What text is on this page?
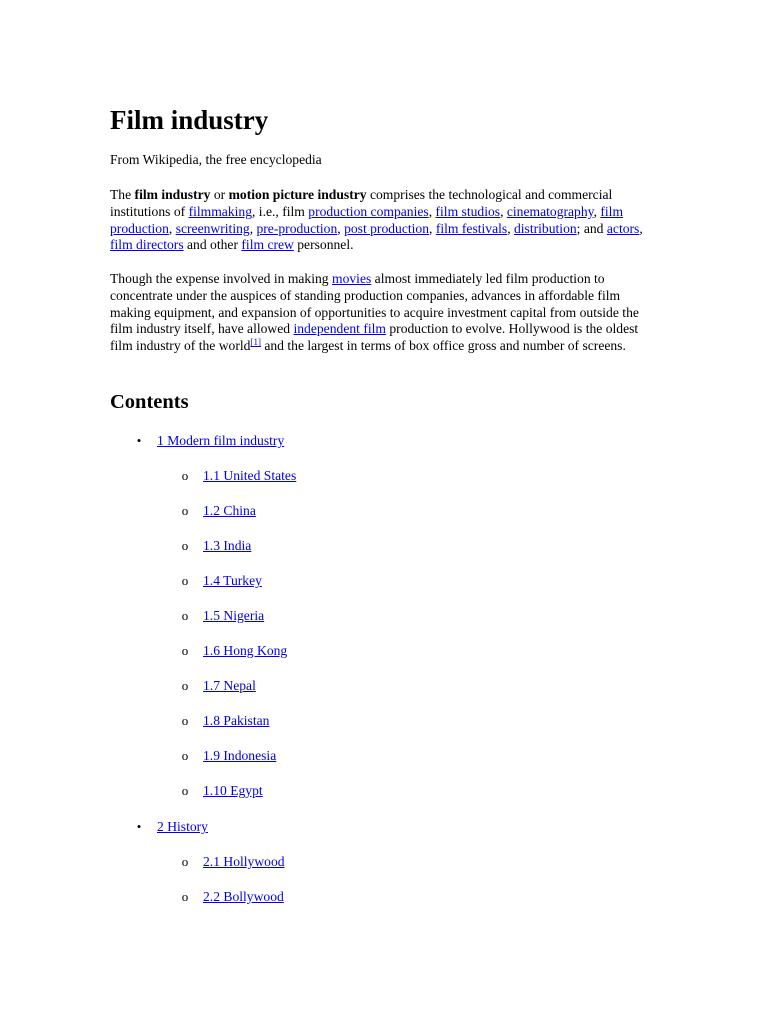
Film industry

From Wikipedia, the free encyclopedia

The film industry or motion picture industry comprises the technological and commercial institutions of filmmaking, i.e., film production companies, film studios, cinematography, film production, screenwriting, pre-production, post production, film festivals, distribution; and actors, film directors and other film crew personnel.

Though the expense involved in making movies almost immediately led film production to concentrate under the auspices of standing production companies, advances in affordable film making equipment, and expansion of opportunities to acquire investment capital from outside the film industry itself, have allowed independent film production to evolve. Hollywood is the oldest film industry of the world[1] and the largest in terms of box office gross and number of screens.

Contents
•	1 Modern film industry
o 1.1 United States
o 1.2 China
o 1.3 India
o 1.4 Turkey
o 1.5 Nigeria
o 1.6 Hong Kong
o 1.7 Nepal
o 1.8 Pakistan
o 1.9 Indonesia
o 1.10 Egypt
•	2 History
o 2.1 Hollywood
o 2.2 Bollywood
